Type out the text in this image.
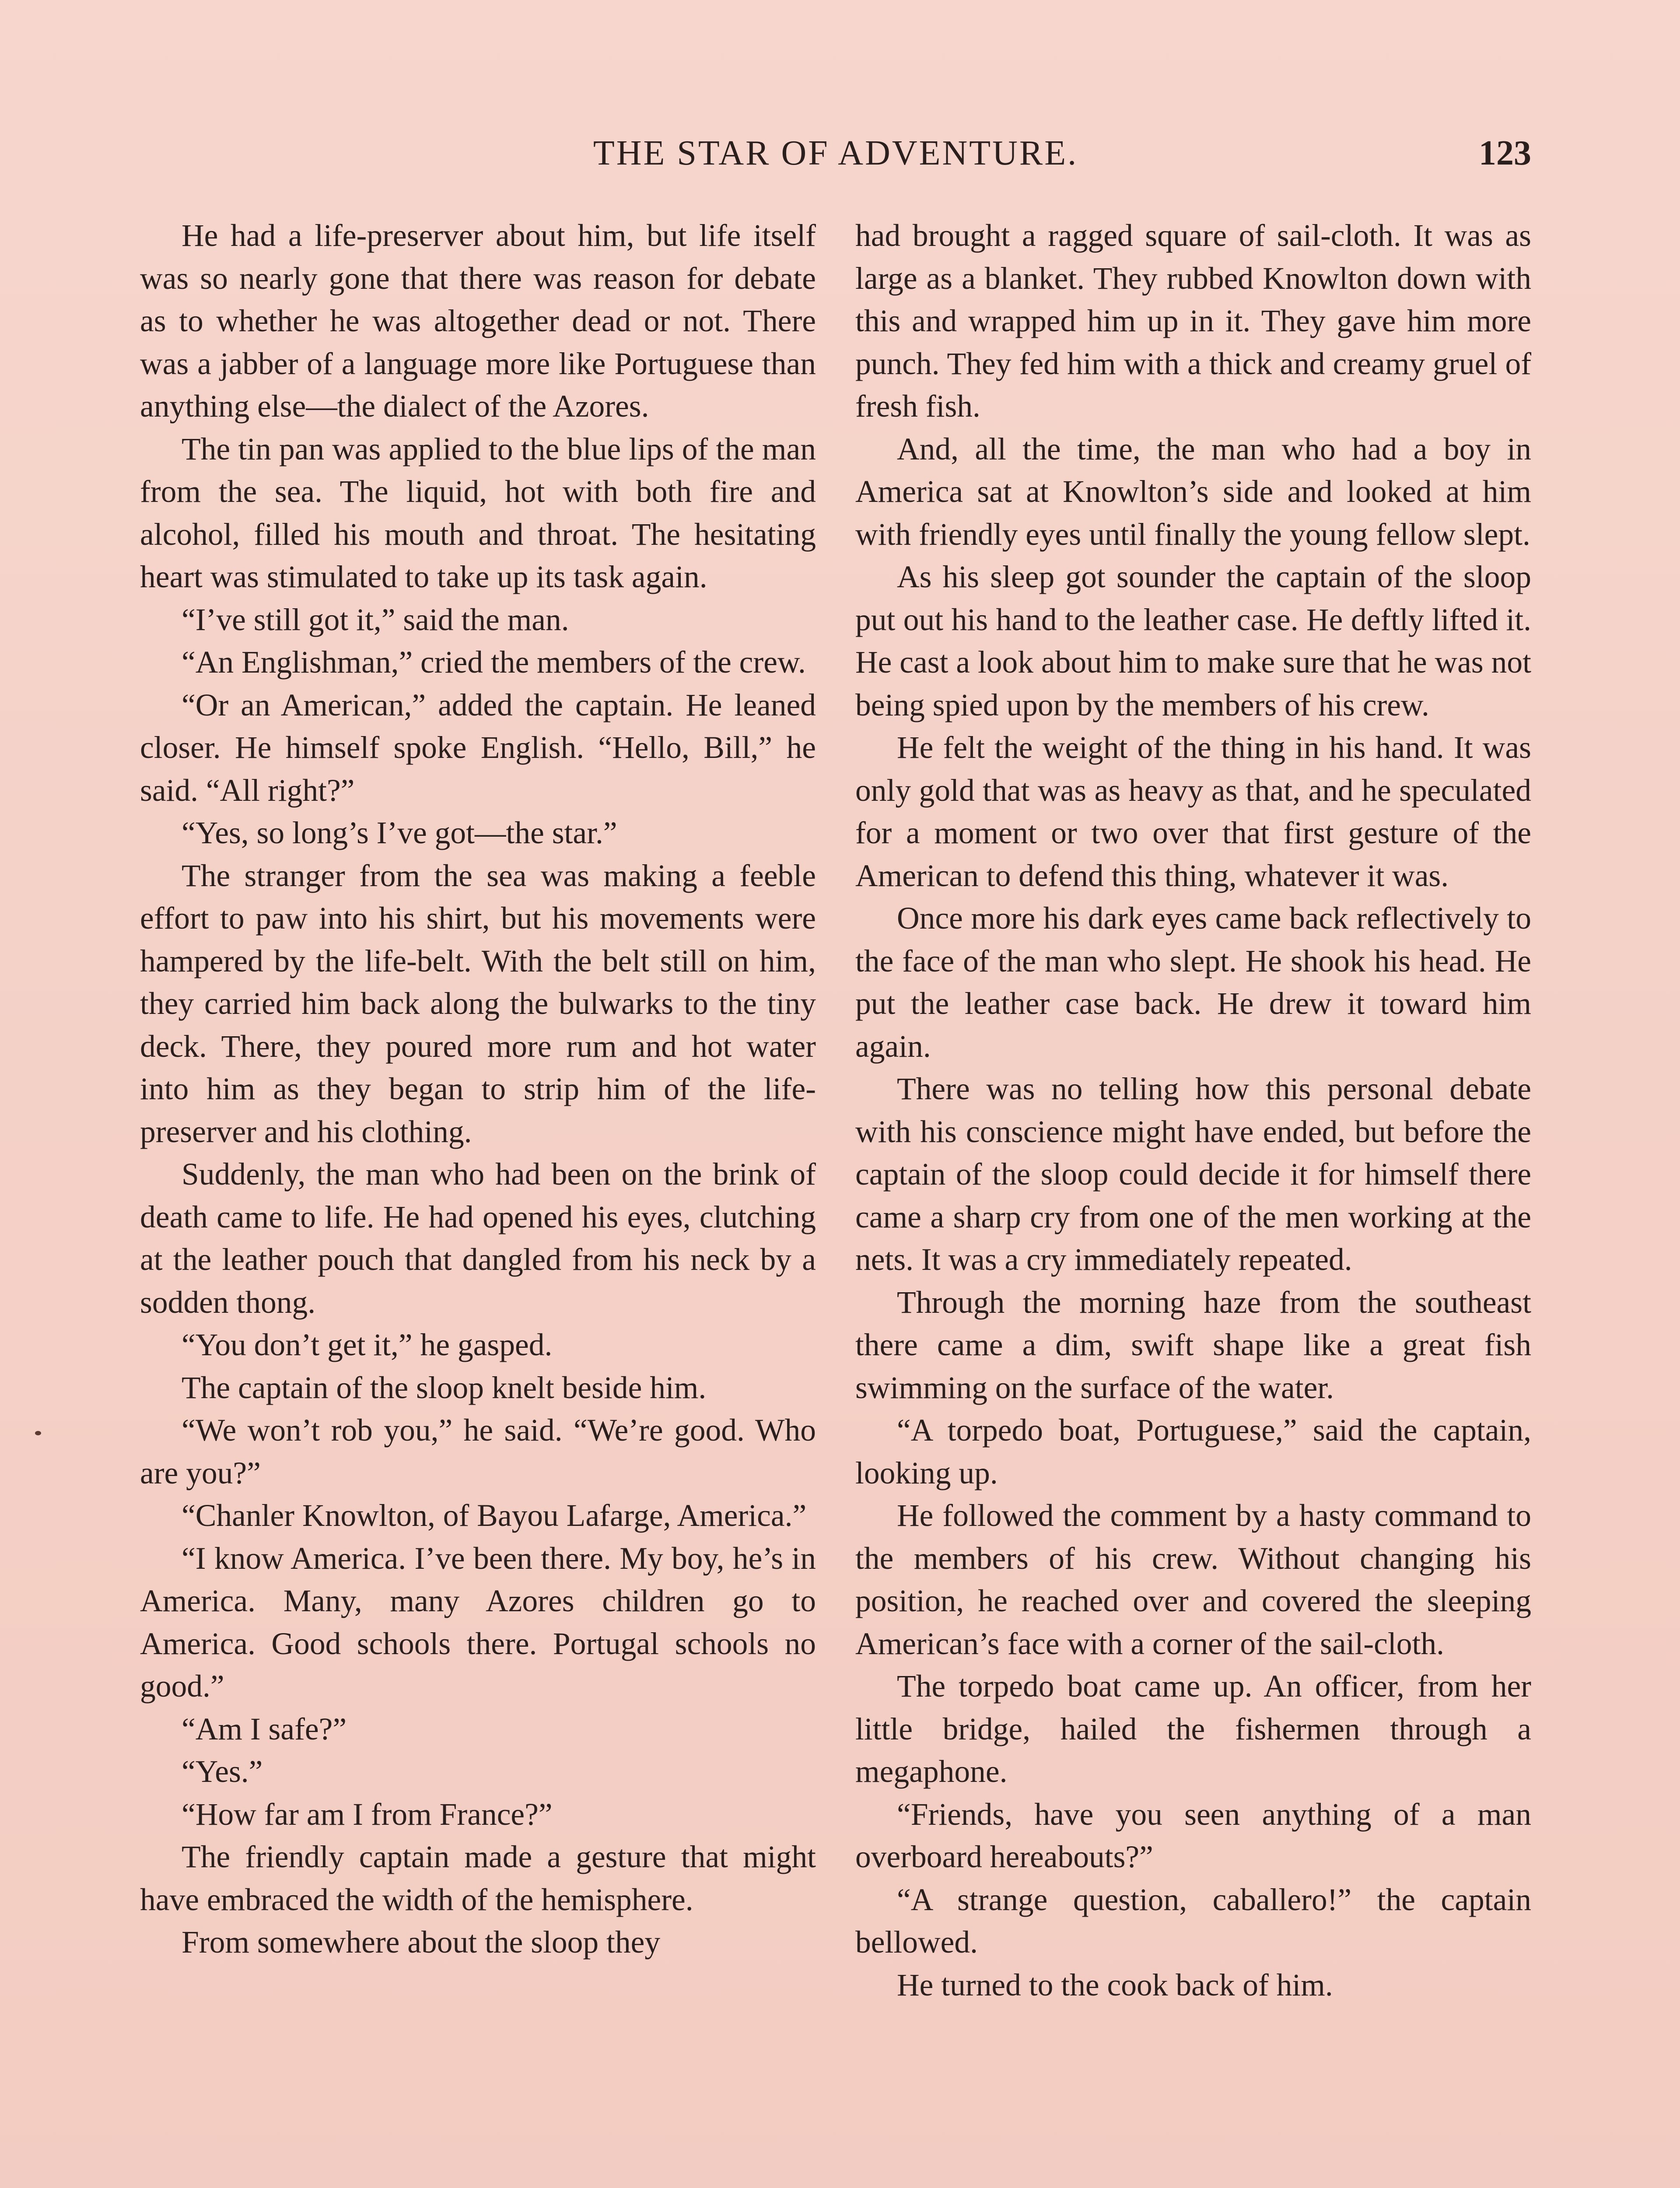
THE STAR OF ADVENTURE.	123

He had a life-preserver about him, but life itself was so nearly gone that there was reason for debate as to whether he was altogether dead or not. There was a jabber of a language more like Portuguese than anything else—the dialect of the Azores.

The tin pan was applied to the blue lips of the man from the sea. The liquid, hot with both fire and alcohol, filled his mouth and throat. The hesitating heart was stimulated to take up its task again.

“I’ve still got it,” said the man.

“An Englishman,” cried the members of the crew.

“Or an American,” added the captain. He leaned closer. He himself spoke English. “Hello, Bill,” he said. “All right?”

“Yes, so long’s I’ve got—the star.”

The stranger from the sea was making a feeble effort to paw into his shirt, but his movements were hampered by the life-belt. With the belt still on him, they carried him back along the bulwarks to the tiny deck. There, they poured more rum and hot water into him as they began to strip him of the life-preserver and his clothing.

Suddenly, the man who had been on the brink of death came to life. He had opened his eyes, clutching at the leather pouch that dangled from his neck by a sodden thong.

“You don’t get it,” he gasped.

The captain of the sloop knelt beside him.

“We won’t rob you,” he said. “We’re good. Who are you?”

“Chanler Knowlton, of Bayou Lafarge, America.”

“I know America. I’ve been there. My boy, he’s in America. Many, many Azores children go to America. Good schools there. Portugal schools no good.”

“Am I safe?”

“Yes.”

“How far am I from France?”

The friendly captain made a gesture that might have embraced the width of the hemisphere.

From somewhere about the sloop they

had brought a ragged square of sail-cloth. It was as large as a blanket. They rubbed Knowlton down with this and wrapped him up in it. They gave him more punch. They fed him with a thick and creamy gruel of fresh fish.

And, all the time, the man who had a boy in America sat at Knowlton’s side and looked at him with friendly eyes until finally the young fellow slept.

As his sleep got sounder the captain of the sloop put out his hand to the leather case. He deftly lifted it. He cast a look about him to make sure that he was not being spied upon by the members of his crew.

He felt the weight of the thing in his hand. It was only gold that was as heavy as that, and he speculated for a moment or two over that first gesture of the American to defend this thing, whatever it was.

Once more his dark eyes came back reflectively to the face of the man who slept. He shook his head. He put the leather case back. He drew it toward him again.

There was no telling how this personal debate with his conscience might have ended, but before the captain of the sloop could decide it for himself there came a sharp cry from one of the men working at the nets. It was a cry immediately repeated.

Through the morning haze from the southeast there came a dim, swift shape like a great fish swimming on the surface of the water.

“A torpedo boat, Portuguese,” said the captain, looking up.

He followed the comment by a hasty command to the members of his crew. Without changing his position, he reached over and covered the sleeping American’s face with a corner of the sail-cloth.

The torpedo boat came up. An officer, from her little bridge, hailed the fishermen through a megaphone.

“Friends, have you seen anything of a man overboard hereabouts?”

“A strange question, caballero!” the captain bellowed.

He turned to the cook back of him.
